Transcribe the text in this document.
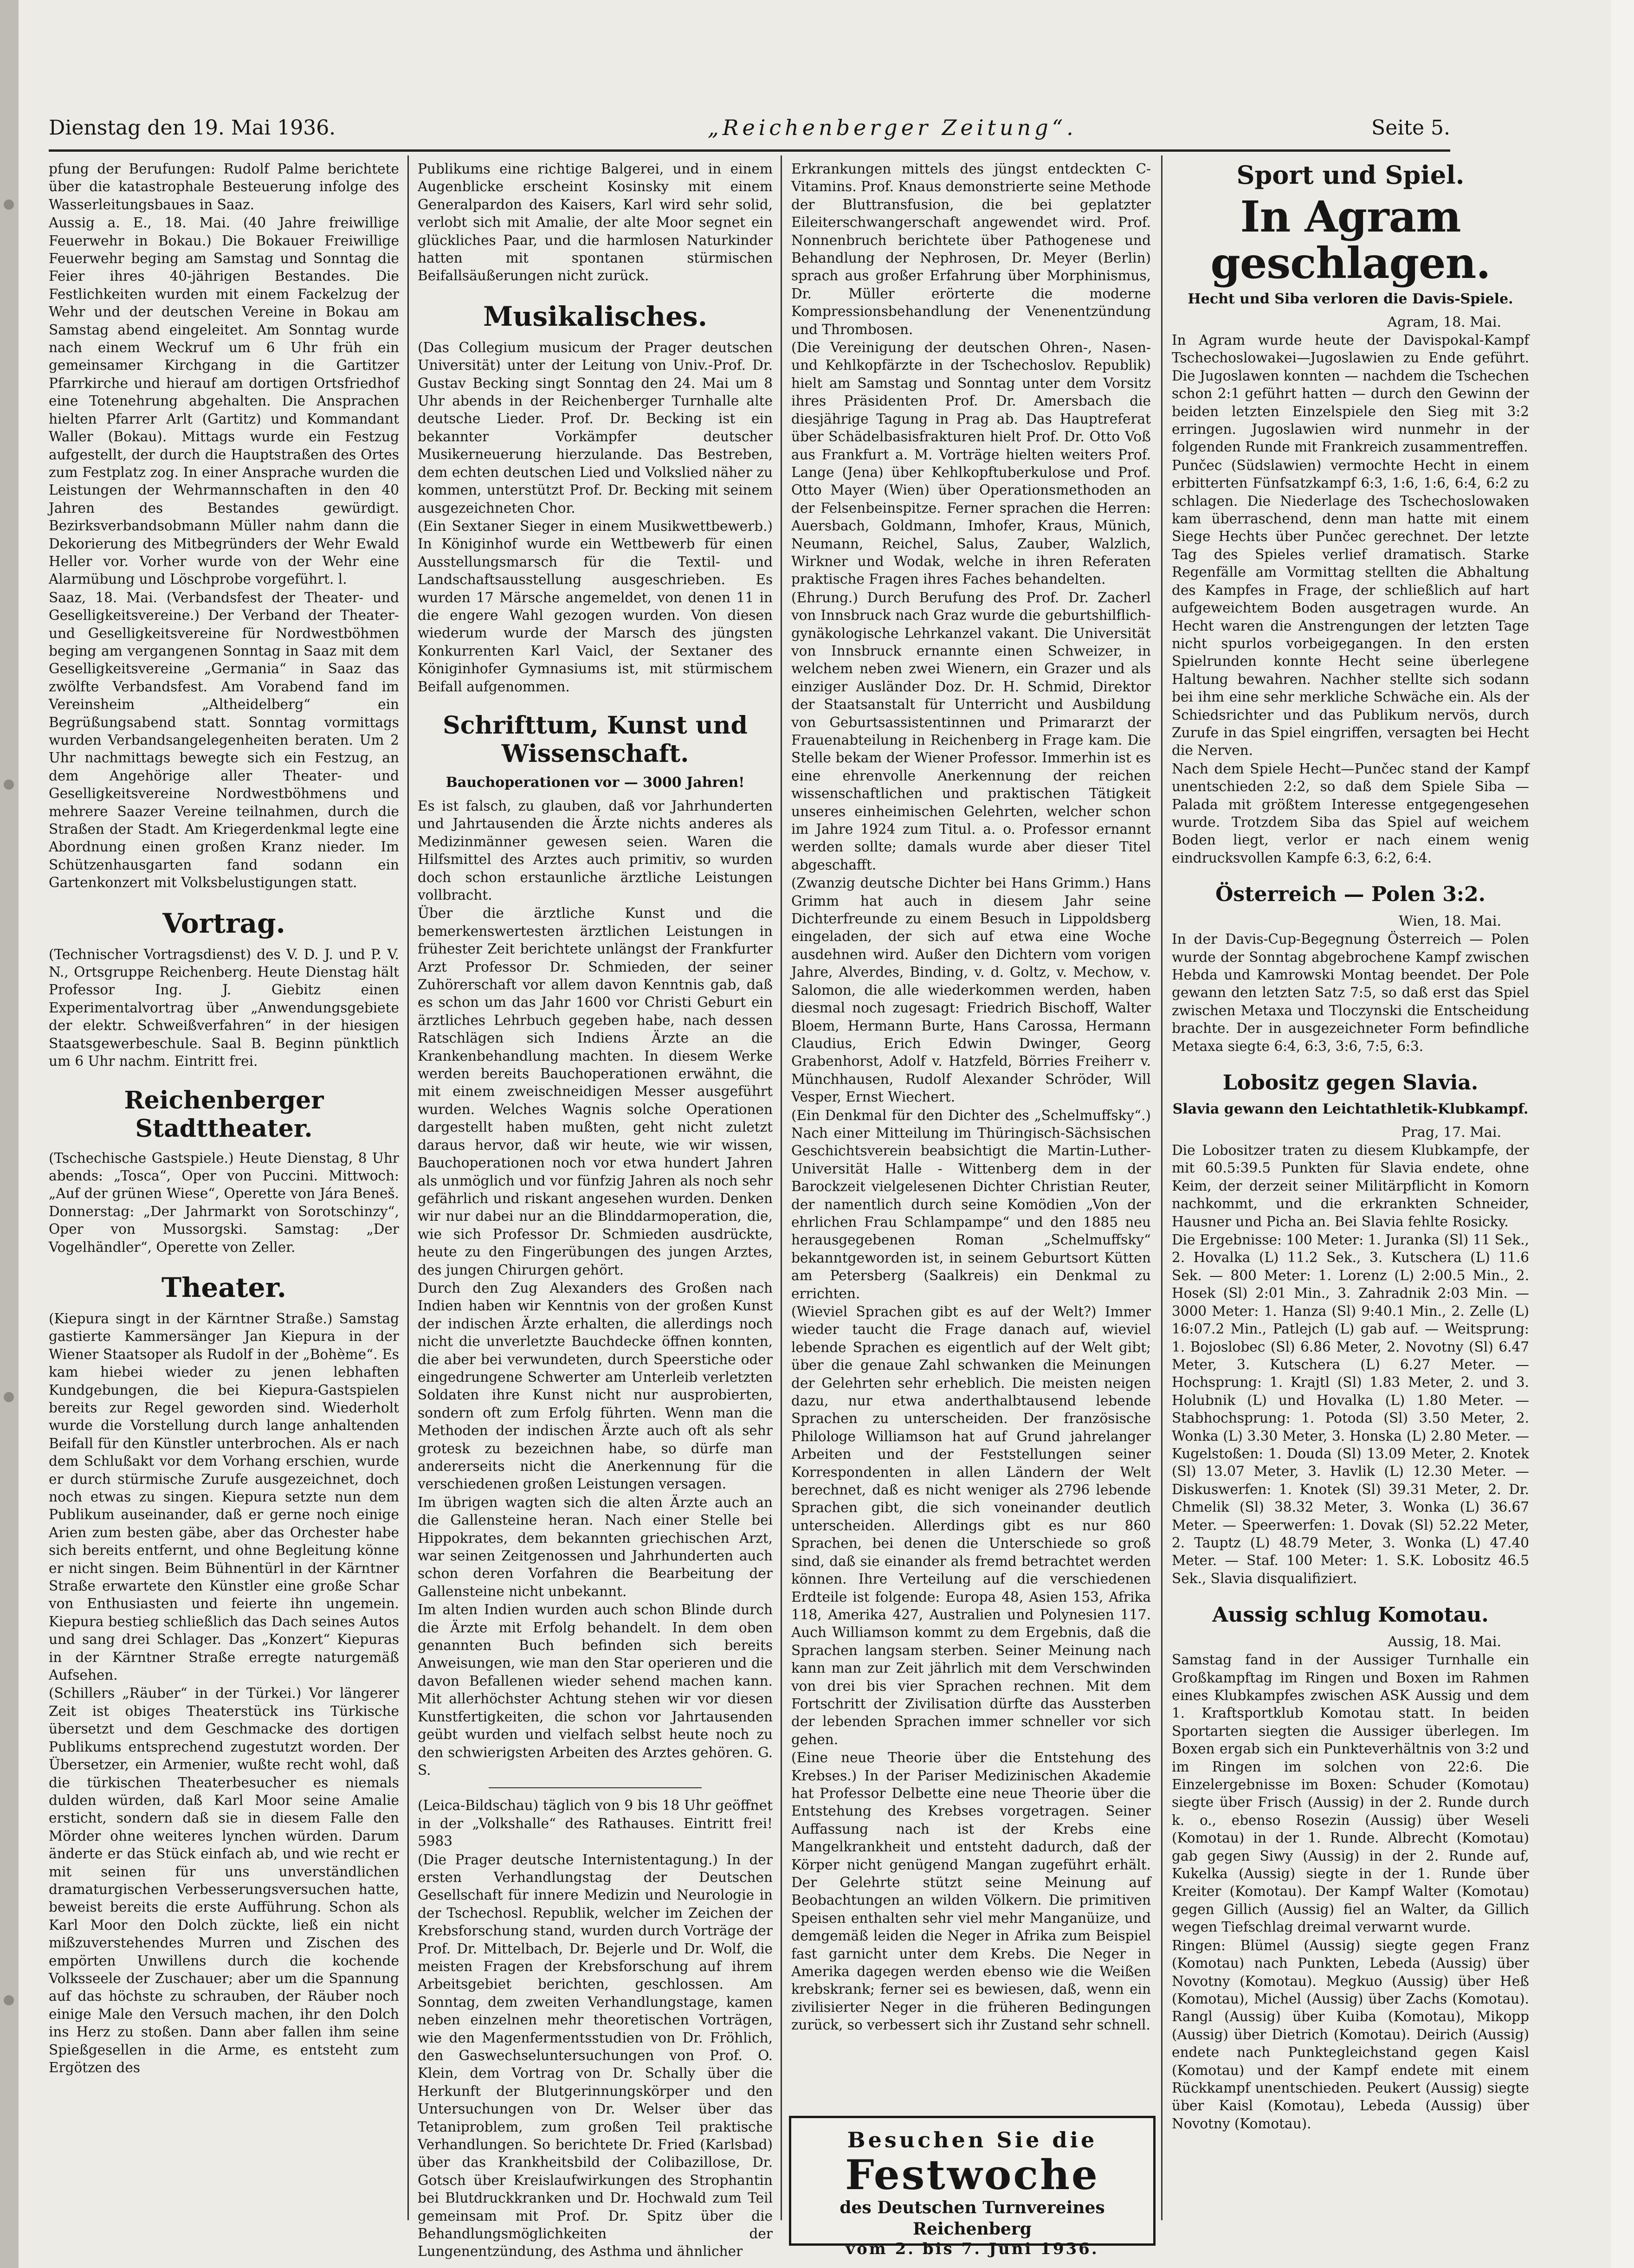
Dienstag den 19. Mai 1936.	„Reichenberger Zeitung“.	Seite 5.

pfung der Berufungen: Rudolf Palme berichtete über die katastrophale Besteuerung infolge des Wasserleitungsbaues in Saaz.

Aussig a. E., 18. Mai. (40 Jahre freiwillige Feuerwehr in Bokau.) Die Bokauer Freiwillige Feuerwehr beging am Samstag und Sonntag die Feier ihres 40-jährigen Bestandes. Die Festlichkeiten wurden mit einem Fackelzug der Wehr und der deutschen Vereine in Bokau am Samstag abend eingeleitet. Am Sonntag wurde nach einem Weckruf um 6 Uhr früh ein gemeinsamer Kirchgang in die Gartitzer Pfarrkirche und hierauf am dortigen Ortsfriedhof eine Totenehrung abgehalten. Die Ansprachen hielten Pfarrer Arlt (Gartitz) und Kommandant Waller (Bokau). Mittags wurde ein Festzug aufgestellt, der durch die Hauptstraßen des Ortes zum Festplatz zog. In einer Ansprache wurden die Leistungen der Wehrmannschaften in den 40 Jahren des Bestandes gewürdigt. Bezirksverbandsobmann Müller nahm dann die Dekorierung des Mitbegründers der Wehr Ewald Heller vor. Vorher wurde von der Wehr eine Alarmübung und Löschprobe vorgeführt. l.

Saaz, 18. Mai. (Verbandsfest der Theater- und Geselligkeitsvereine.) Der Verband der Theater- und Geselligkeitsvereine für Nordwestböhmen beging am vergangenen Sonntag in Saaz mit dem Geselligkeitsvereine „Germania“ in Saaz das zwölfte Verbandsfest. Am Vorabend fand im Vereinsheim „Altheidelberg“ ein Begrüßungsabend statt. Sonntag vormittags wurden Verbandsangelegenheiten beraten. Um 2 Uhr nachmittags bewegte sich ein Festzug, an dem Angehörige aller Theater- und Geselligkeitsvereine Nordwestböhmens und mehrere Saazer Vereine teilnahmen, durch die Straßen der Stadt. Am Kriegerdenkmal legte eine Abordnung einen großen Kranz nieder. Im Schützenhausgarten fand sodann ein Gartenkonzert mit Volksbelustigungen statt.

Vortrag.

(Technischer Vortragsdienst) des V. D. J. und P. V. N., Ortsgruppe Reichenberg. Heute Dienstag hält Professor Ing. J. Giebitz einen Experimentalvortrag über „Anwendungsgebiete der elektr. Schweißverfahren“ in der hiesigen Staatsgewerbeschule. Saal B. Beginn pünktlich um 6 Uhr nachm. Eintritt frei.

Reichenberger Stadttheater.

(Tschechische Gastspiele.) Heute Dienstag, 8 Uhr abends: „Tosca“, Oper von Puccini. Mittwoch: „Auf der grünen Wiese“, Operette von Jára Beneš. Donnerstag: „Der Jahrmarkt von Sorotschinzy“, Oper von Mussorgski. Samstag: „Der Vogelhändler“, Operette von Zeller.

Theater.

(Kiepura singt in der Kärntner Straße.) Samstag gastierte Kammersänger Jan Kiepura in der Wiener Staatsoper als Rudolf in der „Bohème“. Es kam hiebei wieder zu jenen lebhaften Kundgebungen, die bei Kiepura-Gastspielen bereits zur Regel geworden sind. Wiederholt wurde die Vorstellung durch lange anhaltenden Beifall für den Künstler unterbrochen. Als er nach dem Schlußakt vor dem Vorhang erschien, wurde er durch stürmische Zurufe ausgezeichnet, doch noch etwas zu singen. Kiepura setzte nun dem Publikum auseinander, daß er gerne noch einige Arien zum besten gäbe, aber das Orchester habe sich bereits entfernt, und ohne Begleitung könne er nicht singen. Beim Bühnentürl in der Kärntner Straße erwartete den Künstler eine große Schar von Enthusiasten und feierte ihn ungemein. Kiepura bestieg schließlich das Dach seines Autos und sang drei Schlager. Das „Konzert“ Kiepuras in der Kärntner Straße erregte naturgemäß Aufsehen.

(Schillers „Räuber“ in der Türkei.) Vor längerer Zeit ist obiges Theaterstück ins Türkische übersetzt und dem Geschmacke des dortigen Publikums entsprechend zugestutzt worden. Der Übersetzer, ein Armenier, wußte recht wohl, daß die türkischen Theaterbesucher es niemals dulden würden, daß Karl Moor seine Amalie ersticht, sondern daß sie in diesem Falle den Mörder ohne weiteres lynchen würden. Darum änderte er das Stück einfach ab, und wie recht er mit seinen für uns unverständlichen dramaturgischen Verbesserungsversuchen hatte, beweist bereits die erste Aufführung. Schon als Karl Moor den Dolch zückte, ließ ein nicht mißzuverstehendes Murren und Zischen des empörten Unwillens durch die kochende Volksseele der Zuschauer; aber um die Spannung auf das höchste zu schrauben, der Räuber noch einige Male den Versuch machen, ihr den Dolch ins Herz zu stoßen. Dann aber fallen ihm seine Spießgesellen in die Arme, es entsteht zum Ergötzen des

Publikums eine richtige Balgerei, und in einem Augenblicke erscheint Kosinsky mit einem Generalpardon des Kaisers, Karl wird sehr solid, verlobt sich mit Amalie, der alte Moor segnet ein glückliches Paar, und die harmlosen Naturkinder hatten mit spontanen stürmischen Beifallsäußerungen nicht zurück.

Musikalisches.

(Das Collegium musicum der Prager deutschen Universität) unter der Leitung von Univ.-Prof. Dr. Gustav Becking singt Sonntag den 24. Mai um 8 Uhr abends in der Reichenberger Turnhalle alte deutsche Lieder. Prof. Dr. Becking ist ein bekannter Vorkämpfer deutscher Musikerneuerung hierzulande. Das Bestreben, dem echten deutschen Lied und Volkslied näher zu kommen, unterstützt Prof. Dr. Becking mit seinem ausgezeichneten Chor.

(Ein Sextaner Sieger in einem Musikwettbewerb.) In Königinhof wurde ein Wettbewerb für einen Ausstellungsmarsch für die Textil- und Landschaftsausstellung ausgeschrieben. Es wurden 17 Märsche angemeldet, von denen 11 in die engere Wahl gezogen wurden. Von diesen wiederum wurde der Marsch des jüngsten Konkurrenten Karl Vaicl, der Sextaner des Königinhofer Gymnasiums ist, mit stürmischem Beifall aufgenommen.

Schrifttum, Kunst und Wissenschaft.
Bauchoperationen vor — 3000 Jahren!

Es ist falsch, zu glauben, daß vor Jahrhunderten und Jahrtausenden die Ärzte nichts anderes als Medizinmänner gewesen seien. Waren die Hilfsmittel des Arztes auch primitiv, so wurden doch schon erstaunliche ärztliche Leistungen vollbracht.

Über die ärztliche Kunst und die bemerkenswertesten ärztlichen Leistungen in frühester Zeit berichtete unlängst der Frankfurter Arzt Professor Dr. Schmieden, der seiner Zuhörerschaft vor allem davon Kenntnis gab, daß es schon um das Jahr 1600 vor Christi Geburt ein ärztliches Lehrbuch gegeben habe, nach dessen Ratschlägen sich Indiens Ärzte an die Krankenbehandlung machten. In diesem Werke werden bereits Bauchoperationen erwähnt, die mit einem zweischneidigen Messer ausgeführt wurden. Welches Wagnis solche Operationen dargestellt haben mußten, geht nicht zuletzt daraus hervor, daß wir heute, wie wir wissen, Bauchoperationen noch vor etwa hundert Jahren als unmöglich und vor fünfzig Jahren als noch sehr gefährlich und riskant angesehen wurden. Denken wir nur dabei nur an die Blinddarmoperation, die, wie sich Professor Dr. Schmieden ausdrückte, heute zu den Fingerübungen des jungen Arztes, des jungen Chirurgen gehört.

Durch den Zug Alexanders des Großen nach Indien haben wir Kenntnis von der großen Kunst der indischen Ärzte erhalten, die allerdings noch nicht die unverletzte Bauchdecke öffnen konnten, die aber bei verwundeten, durch Speerstiche oder eingedrungene Schwerter am Unterleib verletzten Soldaten ihre Kunst nicht nur ausprobierten, sondern oft zum Erfolg führten. Wenn man die Methoden der indischen Ärzte auch oft als sehr grotesk zu bezeichnen habe, so dürfe man andererseits nicht die Anerkennung für die verschiedenen großen Leistungen versagen.

Im übrigen wagten sich die alten Ärzte auch an die Gallensteine heran. Nach einer Stelle bei Hippokrates, dem bekannten griechischen Arzt, war seinen Zeitgenossen und Jahrhunderten auch schon deren Vorfahren die Bearbeitung der Gallensteine nicht unbekannt.

Im alten Indien wurden auch schon Blinde durch die Ärzte mit Erfolg behandelt. In dem oben genannten Buch befinden sich bereits Anweisungen, wie man den Star operieren und die davon Befallenen wieder sehend machen kann. Mit allerhöchster Achtung stehen wir vor diesen Kunstfertigkeiten, die schon vor Jahrtausenden geübt wurden und vielfach selbst heute noch zu den schwierigsten Arbeiten des Arztes gehören. G. S.

(Leica-Bildschau) täglich von 9 bis 18 Uhr geöffnet in der „Volkshalle“ des Rathauses. Eintritt frei! 5983

(Die Prager deutsche Internistentagung.) In der ersten Verhandlungstag der Deutschen Gesellschaft für innere Medizin und Neurologie in der Tschechosl. Republik, welcher im Zeichen der Krebsforschung stand, wurden durch Vorträge der Prof. Dr. Mittelbach, Dr. Bejerle und Dr. Wolf, die meisten Fragen der Krebsforschung auf ihrem Arbeitsgebiet berichten, geschlossen. Am Sonntag, dem zweiten Verhandlungstage, kamen neben einzelnen mehr theoretischen Vorträgen, wie den Magenfermentsstudien von Dr. Fröhlich, den Gaswechseluntersuchungen von Prof. O. Klein, dem Vortrag von Dr. Schally über die Herkunft der Blutgerinnungskörper und den Untersuchungen von Dr. Welser über das Tetaniproblem, zum großen Teil praktische Verhandlungen. So berichtete Dr. Fried (Karlsbad) über das Krankheitsbild der Colibazillose, Dr. Gotsch über Kreislaufwirkungen des Strophantin bei Blutdruckkranken und Dr. Hochwald zum Teil gemeinsam mit Prof. Dr. Spitz über die Behandlungsmöglichkeiten der Lungenentzündung, des Asthma und ähnlicher

Erkrankungen mittels des jüngst entdeckten C-Vitamins. Prof. Knaus demonstrierte seine Methode der Bluttransfusion, die bei geplatzter Eileiterschwangerschaft angewendet wird. Prof. Nonnenbruch berichtete über Pathogenese und Behandlung der Nephrosen, Dr. Meyer (Berlin) sprach aus großer Erfahrung über Morphinismus, Dr. Müller erörterte die moderne Kompressionsbehandlung der Venenentzündung und Thrombosen.

(Die Vereinigung der deutschen Ohren-, Nasen- und Kehlkopfärzte in der Tschechoslov. Republik) hielt am Samstag und Sonntag unter dem Vorsitz ihres Präsidenten Prof. Dr. Amersbach die diesjährige Tagung in Prag ab. Das Hauptreferat über Schädelbasisfrakturen hielt Prof. Dr. Otto Voß aus Frankfurt a. M. Vorträge hielten weiters Prof. Lange (Jena) über Kehlkopftuberkulose und Prof. Otto Mayer (Wien) über Operationsmethoden an der Felsenbeinspitze. Ferner sprachen die Herren: Auersbach, Goldmann, Imhofer, Kraus, Münich, Neumann, Reichel, Salus, Zauber, Walzlich, Wirkner und Wodak, welche in ihren Referaten praktische Fragen ihres Faches behandelten.

(Ehrung.) Durch Berufung des Prof. Dr. Zacherl von Innsbruck nach Graz wurde die geburtshilflich-gynäkologische Lehrkanzel vakant. Die Universität von Innsbruck ernannte einen Schweizer, in welchem neben zwei Wienern, ein Grazer und als einziger Ausländer Doz. Dr. H. Schmid, Direktor der Staatsanstalt für Unterricht und Ausbildung von Geburtsassistentinnen und Primararzt der Frauenabteilung in Reichenberg in Frage kam. Die Stelle bekam der Wiener Professor. Immerhin ist es eine ehrenvolle Anerkennung der reichen wissenschaftlichen und praktischen Tätigkeit unseres einheimischen Gelehrten, welcher schon im Jahre 1924 zum Titul. a. o. Professor ernannt werden sollte; damals wurde aber dieser Titel abgeschafft.

(Zwanzig deutsche Dichter bei Hans Grimm.) Hans Grimm hat auch in diesem Jahr seine Dichterfreunde zu einem Besuch in Lippoldsberg eingeladen, der sich auf etwa eine Woche ausdehnen wird. Außer den Dichtern vom vorigen Jahre, Alverdes, Binding, v. d. Goltz, v. Mechow, v. Salomon, die alle wiederkommen werden, haben diesmal noch zugesagt: Friedrich Bischoff, Walter Bloem, Hermann Burte, Hans Carossa, Hermann Claudius, Erich Edwin Dwinger, Georg Grabenhorst, Adolf v. Hatzfeld, Börries Freiherr v. Münchhausen, Rudolf Alexander Schröder, Will Vesper, Ernst Wiechert.

(Ein Denkmal für den Dichter des „Schelmuffsky“.) Nach einer Mitteilung im Thüringisch-Sächsischen Geschichtsverein beabsichtigt die Martin-Luther-Universität Halle - Wittenberg dem in der Barockzeit vielgelesenen Dichter Christian Reuter, der namentlich durch seine Komödien „Von der ehrlichen Frau Schlampampe“ und den 1885 neu herausgegebenen Roman „Schelmuffsky“ bekanntgeworden ist, in seinem Geburtsort Kütten am Petersberg (Saalkreis) ein Denkmal zu errichten.

(Wieviel Sprachen gibt es auf der Welt?) Immer wieder taucht die Frage danach auf, wieviel lebende Sprachen es eigentlich auf der Welt gibt; über die genaue Zahl schwanken die Meinungen der Gelehrten sehr erheblich. Die meisten neigen dazu, nur etwa anderthalbtausend lebende Sprachen zu unterscheiden. Der französische Philologe Williamson hat auf Grund jahrelanger Arbeiten und der Feststellungen seiner Korrespondenten in allen Ländern der Welt berechnet, daß es nicht weniger als 2796 lebende Sprachen gibt, die sich voneinander deutlich unterscheiden. Allerdings gibt es nur 860 Sprachen, bei denen die Unterschiede so groß sind, daß sie einander als fremd betrachtet werden können. Ihre Verteilung auf die verschiedenen Erdteile ist folgende: Europa 48, Asien 153, Afrika 118, Amerika 427, Australien und Polynesien 117. Auch Williamson kommt zu dem Ergebnis, daß die Sprachen langsam sterben. Seiner Meinung nach kann man zur Zeit jährlich mit dem Verschwinden von drei bis vier Sprachen rechnen. Mit dem Fortschritt der Zivilisation dürfte das Aussterben der lebenden Sprachen immer schneller vor sich gehen.

(Eine neue Theorie über die Entstehung des Krebses.) In der Pariser Medizinischen Akademie hat Professor Delbette eine neue Theorie über die Entstehung des Krebses vorgetragen. Seiner Auffassung nach ist der Krebs eine Mangelkrankheit und entsteht dadurch, daß der Körper nicht genügend Mangan zugeführt erhält. Der Gelehrte stützt seine Meinung auf Beobachtungen an wilden Völkern. Die primitiven Speisen enthalten sehr viel mehr Manganüize, und demgemäß leiden die Neger in Afrika zum Beispiel fast garnicht unter dem Krebs. Die Neger in Amerika dagegen werden ebenso wie die Weißen krebskrank; ferner sei es bewiesen, daß, wenn ein zivilisierter Neger in die früheren Bedingungen zurück, so verbessert sich ihr Zustand sehr schnell.

Sport und Spiel.
In Agram geschlagen.
Hecht und Siba verloren die Davis-Spiele.

Agram, 18. Mai.

In Agram wurde heute der Davispokal-Kampf Tschechoslowakei—Jugoslawien zu Ende geführt. Die Jugoslawen konnten — nachdem die Tschechen schon 2:1 geführt hatten — durch den Gewinn der beiden letzten Einzelspiele den Sieg mit 3:2 erringen. Jugoslawien wird nunmehr in der folgenden Runde mit Frankreich zusammentreffen.

Punčec (Südslawien) vermochte Hecht in einem erbitterten Fünfsatzkampf 6:3, 1:6, 1:6, 6:4, 6:2 zu schlagen. Die Niederlage des Tschechoslowaken kam überraschend, denn man hatte mit einem Siege Hechts über Punčec gerechnet. Der letzte Tag des Spieles verlief dramatisch. Starke Regenfälle am Vormittag stellten die Abhaltung des Kampfes in Frage, der schließlich auf hart aufgeweichtem Boden ausgetragen wurde. An Hecht waren die Anstrengungen der letzten Tage nicht spurlos vorbeigegangen. In den ersten Spielrunden konnte Hecht seine überlegene Haltung bewahren. Nachher stellte sich sodann bei ihm eine sehr merkliche Schwäche ein. Als der Schiedsrichter und das Publikum nervös, durch Zurufe in das Spiel eingriffen, versagten bei Hecht die Nerven.

Nach dem Spiele Hecht—Punčec stand der Kampf unentschieden 2:2, so daß dem Spiele Siba — Palada mit größtem Interesse entgegengesehen wurde. Trotzdem Siba das Spiel auf weichem Boden liegt, verlor er nach einem wenig eindrucksvollen Kampfe 6:3, 6:2, 6:4.

Österreich — Polen 3:2.

Wien, 18. Mai.

In der Davis-Cup-Begegnung Österreich — Polen wurde der Sonntag abgebrochene Kampf zwischen Hebda und Kamrowski Montag beendet. Der Pole gewann den letzten Satz 7:5, so daß erst das Spiel zwischen Metaxa und Tloczynski die Entscheidung brachte. Der in ausgezeichneter Form befindliche Metaxa siegte 6:4, 6:3, 3:6, 7:5, 6:3.

Lobositz gegen Slavia.
Slavia gewann den Leichtathletik-Klubkampf.

Prag, 17. Mai.

Die Lobositzer traten zu diesem Klubkampfe, der mit 60.5:39.5 Punkten für Slavia endete, ohne Keim, der derzeit seiner Militärpflicht in Komorn nachkommt, und die erkrankten Schneider, Hausner und Picha an. Bei Slavia fehlte Rosicky.

Die Ergebnisse: 100 Meter: 1. Juranka (Sl) 11 Sek., 2. Hovalka (L) 11.2 Sek., 3. Kutschera (L) 11.6 Sek. — 800 Meter: 1. Lorenz (L) 2:00.5 Min., 2. Hosek (Sl) 2:01 Min., 3. Zahradnik 2:03 Min. — 3000 Meter: 1. Hanza (Sl) 9:40.1 Min., 2. Zelle (L) 16:07.2 Min., Patlejch (L) gab auf. — Weitsprung: 1. Bojoslobec (Sl) 6.86 Meter, 2. Novotny (Sl) 6.47 Meter, 3. Kutschera (L) 6.27 Meter. — Hochsprung: 1. Krajtl (Sl) 1.83 Meter, 2. und 3. Holubnik (L) und Hovalka (L) 1.80 Meter. — Stabhochsprung: 1. Potoda (Sl) 3.50 Meter, 2. Wonka (L) 3.30 Meter, 3. Honska (L) 2.80 Meter. — Kugelstoßen: 1. Douda (Sl) 13.09 Meter, 2. Knotek (Sl) 13.07 Meter, 3. Havlik (L) 12.30 Meter. — Diskuswerfen: 1. Knotek (Sl) 39.31 Meter, 2. Dr. Chmelik (Sl) 38.32 Meter, 3. Wonka (L) 36.67 Meter. — Speerwerfen: 1. Dovak (Sl) 52.22 Meter, 2. Tauptz (L) 48.79 Meter, 3. Wonka (L) 47.40 Meter. — Staf. 100 Meter: 1. S.K. Lobositz 46.5 Sek., Slavia disqualifiziert.

Aussig schlug Komotau.

Aussig, 18. Mai.

Samstag fand in der Aussiger Turnhalle ein Großkampftag im Ringen und Boxen im Rahmen eines Klubkampfes zwischen ASK Aussig und dem 1. Kraftsportklub Komotau statt. In beiden Sportarten siegten die Aussiger überlegen. Im Boxen ergab sich ein Punkteverhältnis von 3:2 und im Ringen im solchen von 22:6. Die Einzelergebnisse im Boxen: Schuder (Komotau) siegte über Frisch (Aussig) in der 2. Runde durch k. o., ebenso Rosezin (Aussig) über Weseli (Komotau) in der 1. Runde. Albrecht (Komotau) gab gegen Siwy (Aussig) in der 2. Runde auf, Kukelka (Aussig) siegte in der 1. Runde über Kreiter (Komotau). Der Kampf Walter (Komotau) gegen Gillich (Aussig) fiel an Walter, da Gillich wegen Tiefschlag dreimal verwarnt wurde.

Ringen: Blümel (Aussig) siegte gegen Franz (Komotau) nach Punkten, Lebeda (Aussig) über Novotny (Komotau). Megkuo (Aussig) über Heß (Komotau), Michel (Aussig) über Zachs (Komotau). Rangl (Aussig) über Kuiba (Komotau), Mikopp (Aussig) über Dietrich (Komotau). Deirich (Aussig) endete nach Punktegleichstand gegen Kaisl (Komotau) und der Kampf endete mit einem Rückkampf unentschieden. Peukert (Aussig) siegte über Kaisl (Komotau), Lebeda (Aussig) über Novotny (Komotau).

Besuchen Sie die
Festwoche
des Deutschen Turnvereines Reichenberg
vom 2. bis 7. Juni 1936.
